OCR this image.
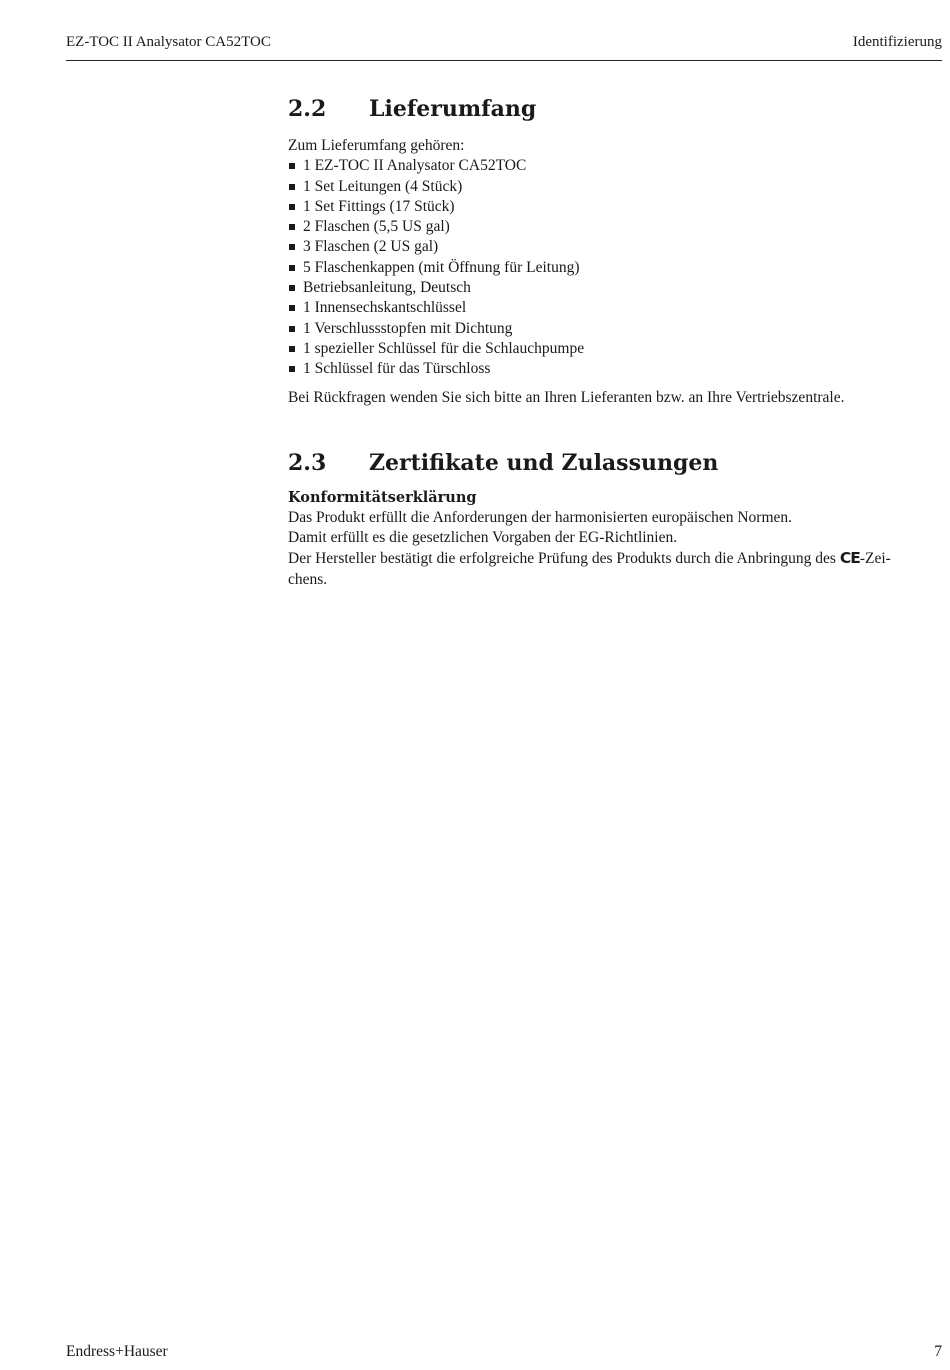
EZ-TOC II Analysator CA52TOC	Identifizierung
2.2	Lieferumfang

Zum Lieferumfang gehören:

1 EZ-TOC II Analysator CA52TOC
1 Set Leitungen (4 Stück)
1 Set Fittings (17 Stück)
2 Flaschen (5,5 US gal)
3 Flaschen (2 US gal)
5 Flaschenkappen (mit Öffnung für Leitung)
Betriebsanleitung, Deutsch
1 Innensechskantschlüssel
1 Verschlussstopfen mit Dichtung
1 spezieller Schlüssel für die Schlauchpumpe
1 Schlüssel für das Türschloss

Bei Rückfragen wenden Sie sich bitte an Ihren Lieferanten bzw. an Ihre Vertriebszentrale.

2.3	Zertifikate und Zulassungen
Konformitätserklärung

Das Produkt erfüllt die Anforderungen der harmonisierten europäischen Normen.

Damit erfüllt es die gesetzlichen Vorgaben der EG-Richtlinien.

Der Hersteller bestätigt die erfolgreiche Prüfung des Produkts durch die Anbringung des CE-Zei-

chens.

Endress+Hauser	7
